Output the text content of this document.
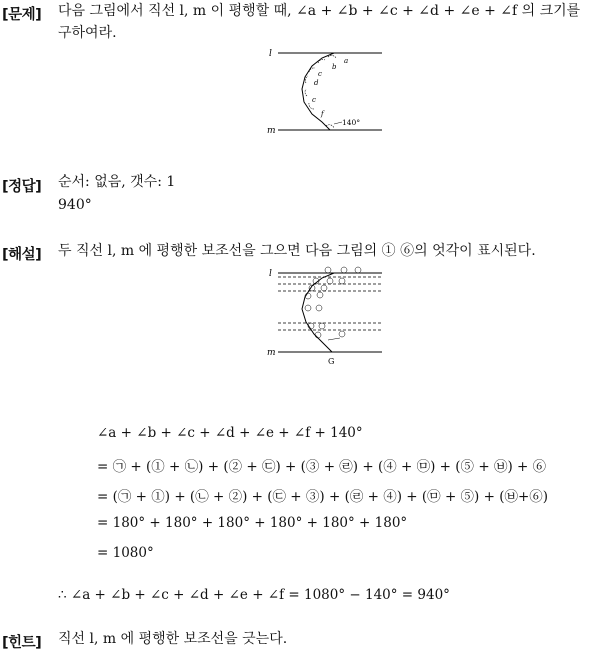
[문제] 다음 그림에서 직선 l, m 이 평행할 때, ∠a + ∠b + ∠c + ∠d + ∠e + ∠f 의 크기를
구하여라.
l
m
a
b
c
d
c
f
140°
[정답] 순서: 없음, 갯수: 1
940°
[해설] 두 직선 l, m 에 평행한 보조선을 그으면 다음 그림의 ① ⑥의 엇각이 표시된다.
l
m
G
∠a + ∠b + ∠c + ∠d + ∠e + ∠f + 140°
= ㉠ + (① + ㉡) + (② + ㉢) + (③ + ㉣) + (④ + ㉤) + (⑤ + ㉥) + ⑥
= (㉠ + ①) + (㉡ + ②) + (㉢ + ③) + (㉣ + ④) + (㉤ + ⑤) + (㉥+⑥)
= 180° + 180° + 180° + 180° + 180° + 180°
= 1080°
∴ ∠a + ∠b + ∠c + ∠d + ∠e + ∠f = 1080° − 140° = 940°
[힌트] 직선 l, m 에 평행한 보조선을 긋는다.
